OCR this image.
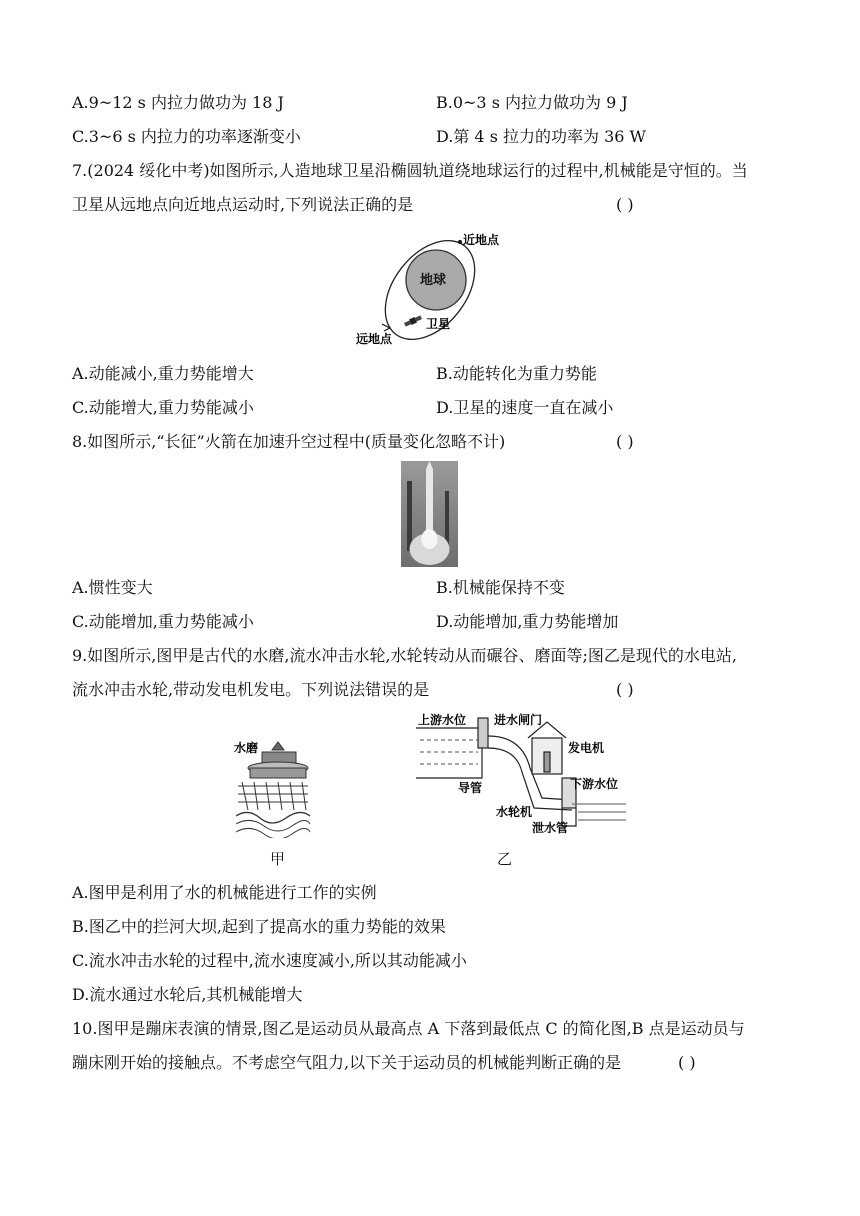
A.9~12 s 内拉力做功为 18 J	B.0~3 s 内拉力做功为 9 J
C.3~6 s 内拉力的功率逐渐变小	D.第 4 s 拉力的功率为 36 W
7.(2024 绥化中考)如图所示,人造地球卫星沿椭圆轨道绕地球运行的过程中,机械能是守恒的。当
卫星从远地点向近地点运动时,下列说法正确的是	( )
地球
近地点
远地点
卫星
A.动能减小,重力势能增大	B.动能转化为重力势能
C.动能增大,重力势能减小	D.卫星的速度一直在减小
8.如图所示,“长征”火箭在加速升空过程中(质量变化忽略不计)	( )
A.惯性变大	B.机械能保持不变
C.动能增加,重力势能减小	D.动能增加,重力势能增加
9.如图所示,图甲是古代的水磨,流水冲击水轮,水轮转动从而碾谷、磨面等;图乙是现代的水电站,
流水冲击水轮,带动发电机发电。下列说法错误的是	( )
水磨
甲
上游水位 进水闸门
发电机
导管	下游水位
水轮机
泄水管
乙
A.图甲是利用了水的机械能进行工作的实例
B.图乙中的拦河大坝,起到了提高水的重力势能的效果
C.流水冲击水轮的过程中,流水速度减小,所以其动能减小
D.流水通过水轮后,其机械能增大
10.图甲是蹦床表演的情景,图乙是运动员从最高点 A 下落到最低点 C 的简化图,B 点是运动员与
蹦床刚开始的接触点。不考虑空气阻力,以下关于运动员的机械能判断正确的是	( )
